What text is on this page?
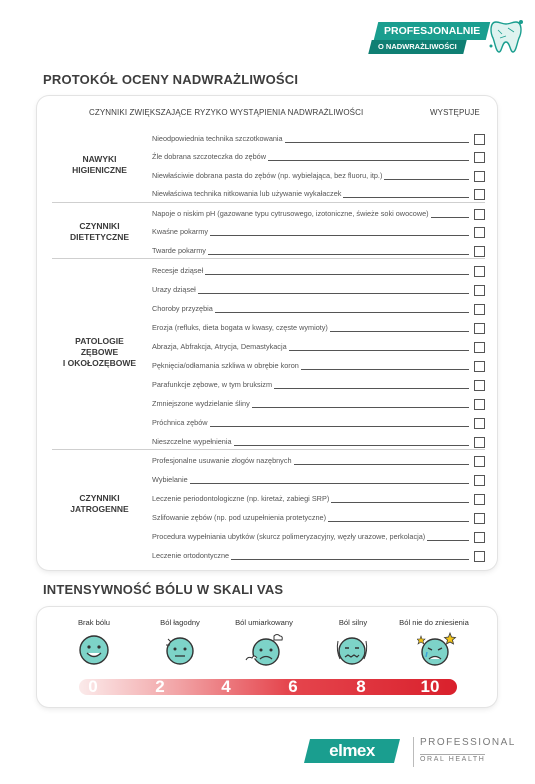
PROFESJONALNIE
O NADWRAŻLIWOŚCI
PROTOKÓŁ OCENY NADWRAŻLIWOŚCI
CZYNNIKI ZWIĘKSZAJĄCE RYZYKO WYSTĄPIENIA NADWRAŻLIWOŚCI	WYSTĘPUJE
NAWYKI
HIGIENICZNE
Nieodpowiednia technika szczotkowania
Źle dobrana szczoteczka do zębów
Niewłaściwie dobrana pasta do zębów (np. wybielająca, bez fluoru, itp.)
Niewłaściwa technika nitkowania lub używanie wykałaczek
CZYNNIKI
DIETETYCZNE
Napoje o niskim pH (gazowane typu cytrusowego, izotoniczne, świeże soki owocowe)
Kwaśne pokarmy
Twarde pokarmy
PATOLOGIE
ZĘBOWE
I OKOŁOZĘBOWE
Recesje dziąseł
Urazy dziąseł
Choroby przyzębia
Erozja (refluks, dieta bogata w kwasy, częste wymioty)
Abrazja, Abfrakcja, Atrycja, Demastykacja
Pęknięcia/odłamania szkliwa w obrębie koron
Parafunkcje zębowe, w tym bruksizm
Zmniejszone wydzielanie śliny
Próchnica zębów
Nieszczelne wypełnienia
CZYNNIKI
JATROGENNE
Profesjonalne usuwanie złogów nazębnych
Wybielanie
Leczenie periodontologiczne (np. kiretaż, zabiegi SRP)
Szlifowanie zębów (np. pod uzupełnienia protetyczne)
Procedura wypełniania ubytków (skurcz polimeryzacyjny, węzły urazowe, perkolacja)
Leczenie ortodontyczne
INTENSYWNOŚĆ BÓLU W SKALI VAS
Brak bólu	Ból łagodny	Ból umiarkowany	Ból silny	Ból nie do zniesienia
0	2	4	6	8	10
elmex	PROFESSIONAL
ORAL HEALTH
